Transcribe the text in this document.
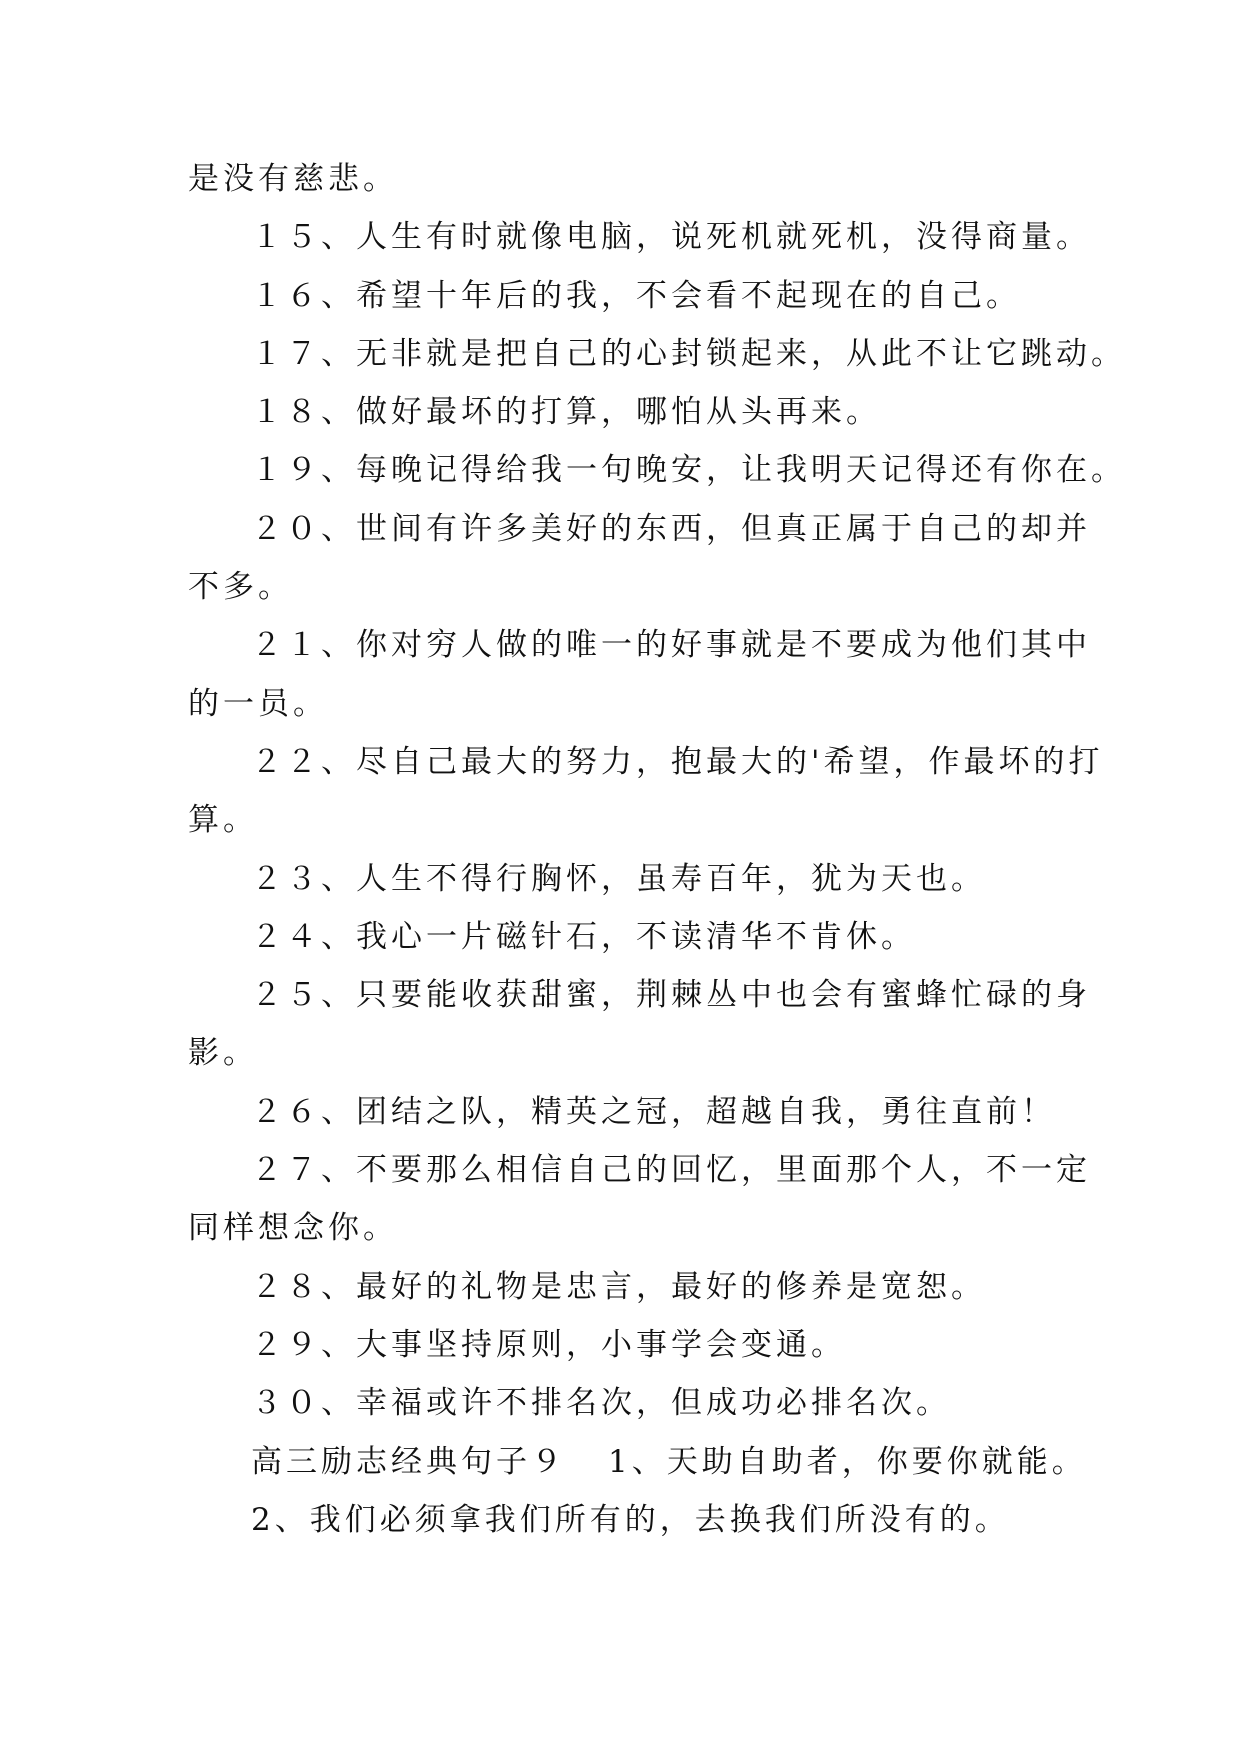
是没有慈悲。
１５、人生有时就像电脑，说死机就死机，没得商量。
１６、希望十年后的我，不会看不起现在的自己。
１７、无非就是把自己的心封锁起来，从此不让它跳动。
１８、做好最坏的打算，哪怕从头再来。
１９、每晚记得给我一句晚安，让我明天记得还有你在。
２０、世间有许多美好的东西，但真正属于自己的却并
不多。
２１、你对穷人做的唯一的好事就是不要成为他们其中
的一员。
２２、尽自己最大的努力，抱最大的'希望，作最坏的打
算。
２３、人生不得行胸怀，虽寿百年，犹为天也。
２４、我心一片磁针石，不读清华不肯休。
２５、只要能收获甜蜜，荆棘丛中也会有蜜蜂忙碌的身
影。
２６、团结之队，精英之冠，超越自我，勇往直前！
２７、不要那么相信自己的回忆，里面那个人，不一定
同样想念你。
２８、最好的礼物是忠言，最好的修养是宽恕。
２９、大事坚持原则，小事学会变通。
３０、幸福或许不排名次，但成功必排名次。
高三励志经典句子９ 1、天助自助者，你要你就能。
2、我们必须拿我们所有的，去换我们所没有的。
